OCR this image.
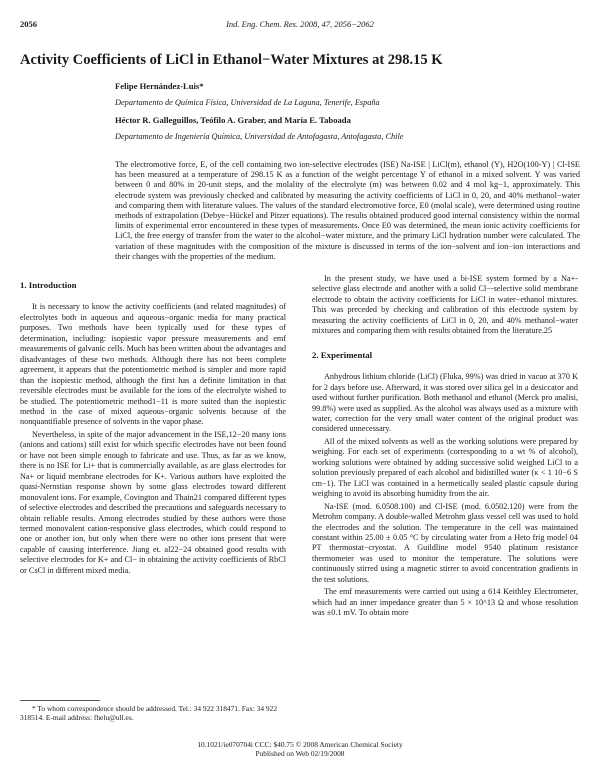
2056	Ind. Eng. Chem. Res. 2008, 47, 2056−2062
Activity Coefficients of LiCl in Ethanol−Water Mixtures at 298.15 K
Felipe Hernández-Luis*
Departamento de Química Física, Universidad de La Laguna, Tenerife, España
Héctor R. Galleguillos, Teófilo A. Graber, and María E. Taboada
Departamento de Ingeniería Química, Universidad de Antofagasta, Antofagasta, Chile
The electromotive force, E, of the cell containing two ion-selective electrodes (ISE) Na-ISE | LiCl(m), ethanol (Y), H2O(100-Y) | Cl-ISE has been measured at a temperature of 298.15 K as a function of the weight percentage Y of ethanol in a mixed solvent. Y was varied between 0 and 80% in 20-unit steps, and the molality of the electrolyte (m) was between 0.02 and 4 mol kg−1, approximately. This electrode system was previously checked and calibrated by measuring the activity coefficients of LiCl in 0, 20, and 40% methanol−water and comparing them with literature values. The values of the standard electromotive force, E0 (molal scale), were determined using routine methods of extrapolation (Debye−Hückel and Pitzer equations). The results obtained produced good internal consistency within the normal limits of experimental error encountered in these types of measurements. Once E0 was determined, the mean ionic activity coefficients for LiCl, the free energy of transfer from the water to the alcohol−water mixture, and the primary LiCl hydration number were calculated. The variation of these magnitudes with the composition of the mixture is discussed in terms of the ion−solvent and ion−ion interactions and their changes with the properties of the medium.
1. Introduction

It is necessary to know the activity coefficients (and related magnitudes) of electrolytes both in aqueous and aqueous−organic media for many practical purposes. Two methods have been typically used for these types of determination, including: isopiestic vapor pressure measurements and emf measurements of galvanic cells. Much has been written about the advantages and disadvantages of these two methods. Although there has not been complete agreement, it appears that the potentiometric method is simpler and more rapid than the isopiestic method, although the first has a definite limitation in that reversible electrodes must be available for the ions of the electrolyte wished to be studied. The potentiometric method1−11 is more suited than the isopiestic method in the case of mixed aqueous−organic solvents because of the nonquantifiable presence of solvents in the vapor phase.

Nevertheless, in spite of the major advancement in the ISE,12−20 many ions (anions and cations) still exist for which specific electrodes have not been found or have not been simple enough to fabricate and use. Thus, as far as we know, there is no ISE for Li+ that is commercially available, as are glass electrodes for Na+ or liquid membrane electrodes for K+. Various authors have exploited the quasi-Nernstian response shown by some glass electrodes toward different monovalent ions. For example, Covington and Thain21 compared different types of selective electrodes and described the precautions and safeguards necessary to obtain reliable results. Among electrodes studied by these authors were those termed monovalent cation-responsive glass electrodes, which could respond to one or another ion, but only when there were no other ions present that were capable of causing interference. Jiang et. al22−24 obtained good results with selective electrodes for K+ and Cl− in obtaining the activity coefficients of RbCl or CsCl in different mixed media.

In the present study, we have used a bi-ISE system formed by a Na+-selective glass electrode and another with a solid Cl−-selective solid membrane electrode to obtain the activity coefficients for LiCl in water−ethanol mixtures. This was preceded by checking and calibration of this electrode system by measuring the activity coefficients of LiCl in 0, 20, and 40% methanol−water mixtures and comparing them with results obtained from the literature.25

2. Experimental

Anhydrous lithium chloride (LiCl) (Fluka, 99%) was dried in vacuo at 370 K for 2 days before use. Afterward, it was stored over silica gel in a desiccator and used without further purification. Both methanol and ethanol (Merck pro analisi, 99.8%) were used as supplied. As the alcohol was always used as a mixture with water, correction for the very small water content of the original product was considered unnecessary.

All of the mixed solvents as well as the working solutions were prepared by weighing. For each set of experiments (corresponding to a wt % of alcohol), working solutions were obtained by adding successive solid weighed LiCl to a solution previously prepared of each alcohol and bidistilled water (κ < 1 10−6 S cm−1). The LiCl was contained in a hermetically sealed plastic capsule during weighing to avoid its absorbing humidity from the air.

Na-ISE (mod. 6.0508.100) and Cl-ISE (mod. 6.0502.120) were from the Metrohm company. A double-walled Metrohm glass vessel cell was used to hold the electrodes and the solution. The temperature in the cell was maintained constant within 25.00 ± 0.05 °C by circulating water from a Heto frig model 04 PT thermostat−cryostat. A Guildline model 9540 platinum resistance thermometer was used to monitor the temperature. The solutions were continuously stirred using a magnetic stirrer to avoid concentration gradients in the test solutions.

The emf measurements were carried out using a 614 Keithley Electrometer, which had an inner impedance greater than 5 × 10^13 Ω and whose resolution was ±0.1 mV. To obtain more

* To whom correspondence should be addressed. Tel.: 34 922 318471. Fax: 34 922 318514. E-mail address: fhelu@ull.es.
10.1021/ie070704i CCC: $40.75 © 2008 American Chemical Society
Published on Web 02/19/2008
